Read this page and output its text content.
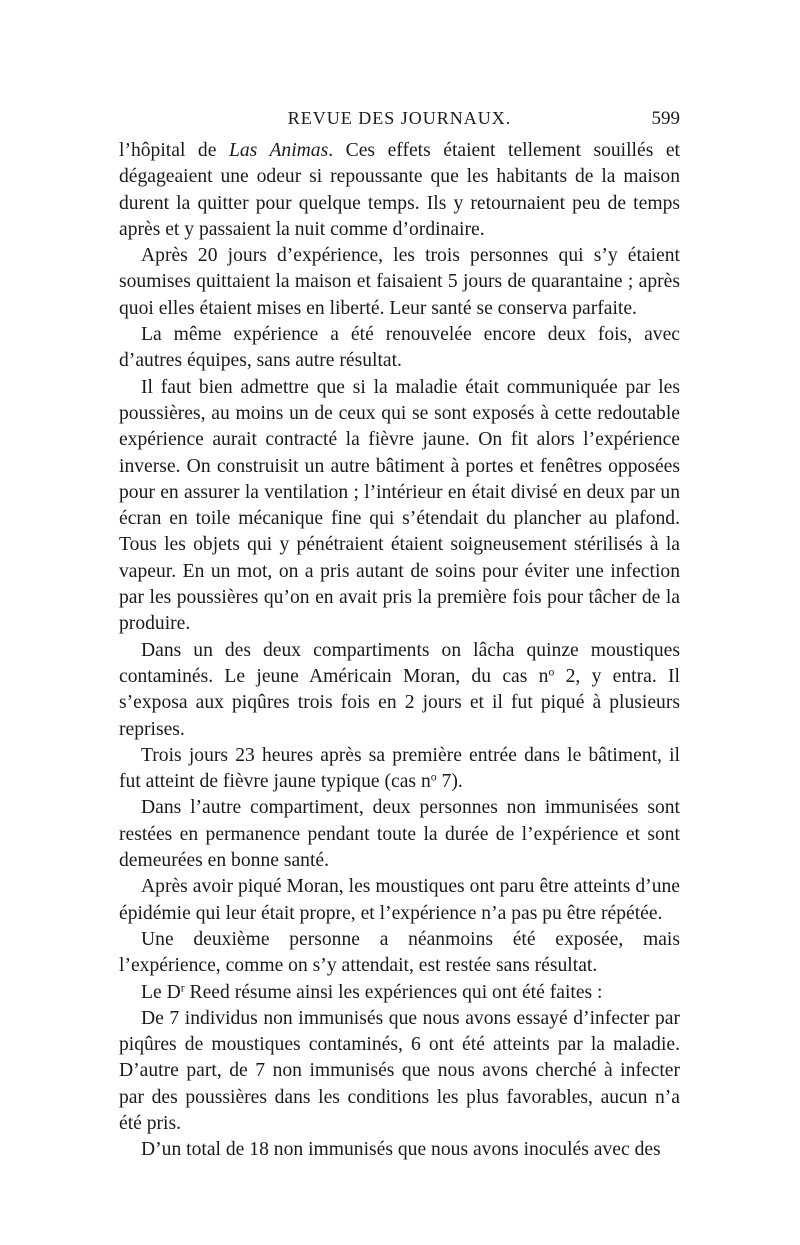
REVUE DES JOURNAUX.	599

l’hôpital de Las Animas. Ces effets étaient tellement souillés et dégageaient une odeur si repoussante que les habitants de la maison durent la quitter pour quelque temps. Ils y retournaient peu de temps après et y passaient la nuit comme d’ordinaire.

Après 20 jours d’expérience, les trois personnes qui s’y étaient soumises quittaient la maison et faisaient 5 jours de quarantaine ; après quoi elles étaient mises en liberté. Leur santé se conserva parfaite.

La même expérience a été renouvelée encore deux fois, avec d’autres équipes, sans autre résultat.

Il faut bien admettre que si la maladie était communiquée par les poussières, au moins un de ceux qui se sont exposés à cette redoutable expérience aurait contracté la fièvre jaune. On fit alors l’expérience inverse. On construisit un autre bâtiment à portes et fenêtres opposées pour en assurer la ventilation ; l’intérieur en était divisé en deux par un écran en toile mécanique fine qui s’étendait du plancher au plafond. Tous les objets qui y pénétraient étaient soigneusement stérilisés à la vapeur. En un mot, on a pris autant de soins pour éviter une infection par les poussières qu’on en avait pris la première fois pour tâcher de la produire.

Dans un des deux compartiments on lâcha quinze moustiques contaminés. Le jeune Américain Moran, du cas $n^o$ 2, y entra. Il s’exposa aux piqûres trois fois en 2 jours et il fut piqué à plusieurs reprises.

Trois jours 23 heures après sa première entrée dans le bâtiment, il fut atteint de fièvre jaune typique (cas $n^o$ 7).

Dans l’autre compartiment, deux personnes non immunisées sont restées en permanence pendant toute la durée de l’expérience et sont demeurées en bonne santé.

Après avoir piqué Moran, les moustiques ont paru être atteints d’une épidémie qui leur était propre, et l’expérience n’a pas pu être répétée.

Une deuxième personne a néanmoins été exposée, mais l’expérience, comme on s’y attendait, est restée sans résultat.

Le $D^r$ Reed résume ainsi les expériences qui ont été faites :

De 7 individus non immunisés que nous avons essayé d’infecter par piqûres de moustiques contaminés, 6 ont été atteints par la maladie. D’autre part, de 7 non immunisés que nous avons cherché à infecter par des poussières dans les conditions les plus favorables, aucun n’a été pris.

D’un total de 18 non immunisés que nous avons inoculés avec des
